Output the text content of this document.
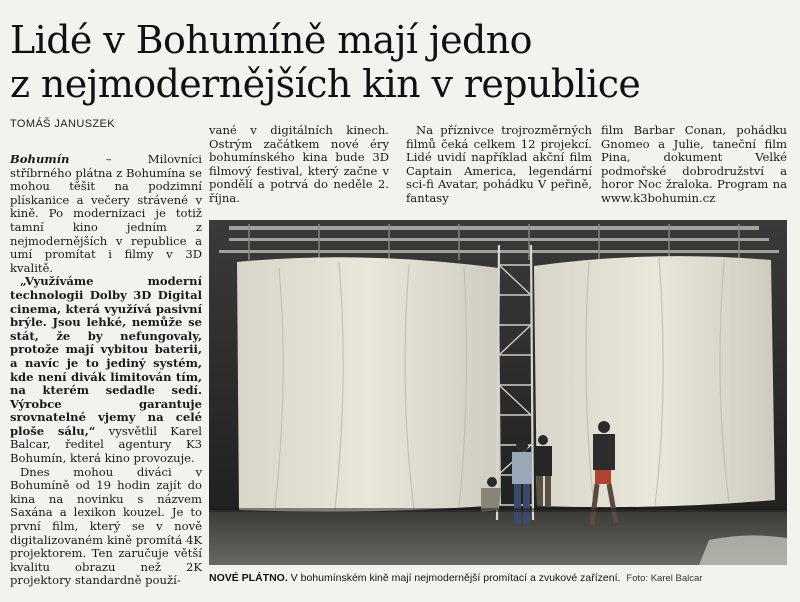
Lidé v Bohumíně mají jedno
z nejmodernějších kin v republice
TOMÁŠ JANUSZEK

Bohumín – Milovníci stříbrného plátna z Bohumína se mohou těšit na podzimní plískanice a večery strávené v kině. Po modernizaci je totiž tamní kino jedním z nejmodernějších v republice a umí promítat i filmy v 3D kvalitě.

„Využíváme moderní technologii Dolby 3D Digital cinema, která využívá pasivní brýle. Jsou lehké, nemůže se stát, že by nefungovaly, protože mají vybitou baterii, a navíc je to jediný systém, kde není divák limitován tím, na kterém sedadle sedí. Výrobce garantuje srovnatelné vjemy na celé ploše sálu,“ vysvětlil Karel Balcar, ředitel agentury K3 Bohumín, která kino provozuje.

Dnes mohou diváci v Bohumíně od 19 hodin zajít do kina na novinku s názvem Saxána a lexikon kouzel. Je to první film, který se v nově digitalizovaném kině promítá 4K projektorem. Ten zaručuje větší kvalitu obrazu než 2K projektory standardně použí-

vané v digitálních kinech. Ostrým začátkem nové éry bohumínského kina bude 3D filmový festival, který začne v pondělí a potrvá do neděle 2. října.

Na příznivce trojrozměrných filmů čeká celkem 12 projekcí. Lidé uvidí například akční film Captain America, legendární sci-fi Avatar, pohádku V peřině, fantasy

film Barbar Conan, pohádku Gnomeo a Julie, taneční film Pina, dokument Velké podmořské dobrodružství a horor Noc žraloka. Program na www.k3bohumin.cz

NOVÉ PLÁTNO. V bohumínském kině mají nejmodernější promítací a zvukové zařízení. Foto: Karel Balcar
